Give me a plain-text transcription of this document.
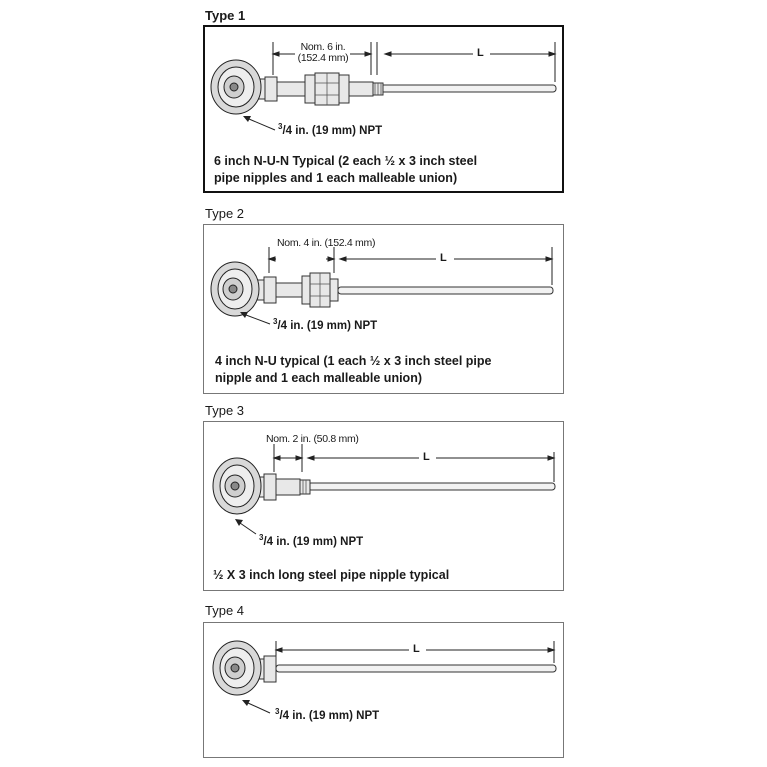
Type 1
Nom. 6 in.
(152.4 mm)	L
$^3$/4 in. (19 mm) NPT
6 inch N-U-N Typical (2 each ½ x 3 inch steel
pipe nipples and 1 each malleable union)
Type 2
Nom. 4 in. (152.4 mm)
L
$^3$/4 in. (19 mm) NPT
4 inch N-U typical (1 each ½ x 3 inch steel pipe
nipple and 1 each malleable union)
Type 3
Nom. 2 in. (50.8 mm)
L
$^3$/4 in. (19 mm) NPT
½ X 3 inch long steel pipe nipple typical
Type 4
L
$^3$/4 in. (19 mm) NPT
